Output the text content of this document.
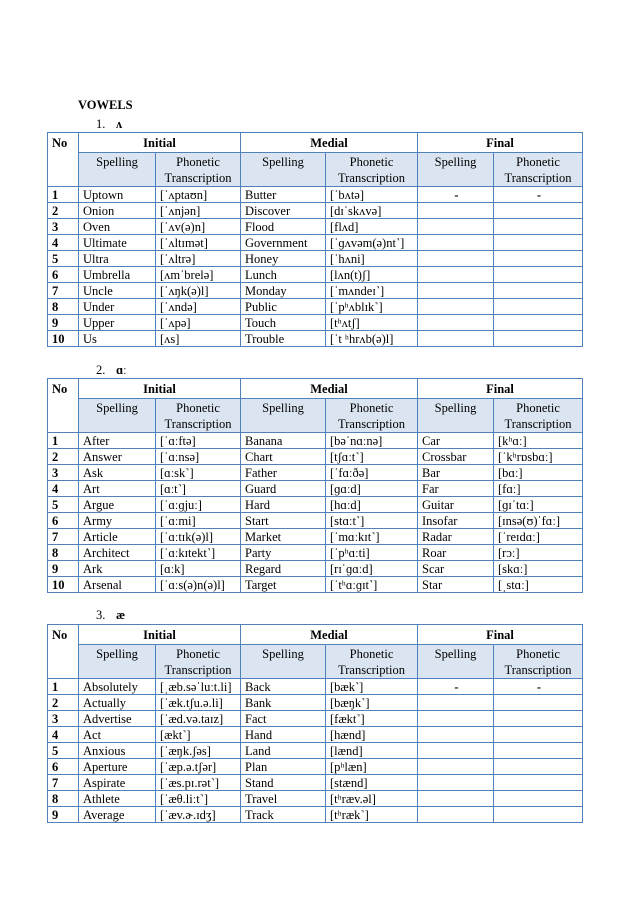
VOWELS
1. ʌ
No	Initial		Medial		Final	
	Spelling	Phonetic Transcription	Spelling	Phonetic Transcription	Spelling	Phonetic Transcription
1	Uptown	[ˈʌptaʊn]	Butter	[ˈbʌtə]	-	-
2	Onion	[ˈʌnjən]	Discover	[dɪˈskʌvə]		
3	Oven	[ˈʌv(ə)n]	Flood	[flʌd]		
4	Ultimate	[ˈʌltɪmət]	Government	[ˈɡʌvəm(ə)nt˺]		
5	Ultra	[ˈʌltrə]	Honey	[ˈhʌni]		
6	Umbrella	[ʌmˈbrelə]	Lunch	[lʌn(t)ʃ]		
7	Uncle	[ˈʌŋk(ə)l]	Monday	[ˈmʌndeɪ˺]		
8	Under	[ˈʌndə]	Public	[ˈpʰʌblɪk˺]		
9	Upper	[ˈʌpə]	Touch	[tʰʌtʃ]		
10	Us	[ʌs]	Trouble	[ˈt ʰhrʌb(ə)l]		
2. ɑː
No	Initial		Medial		Final	
	Spelling	Phonetic Transcription	Spelling	Phonetic Transcription	Spelling	Phonetic Transcription
1	After	[ˈɑːftə]	Banana	[bəˈnɑːnə]	Car	[kʰɑː]
2	Answer	[ˈɑːnsə]	Chart	[tʃɑːt˺]	Crossbar	[ˈkʰrɒsbɑː]
3	Ask	[ɑːsk˺]	Father	[ˈfɑːðə]	Bar	[bɑː]
4	Art	[ɑːt˺]	Guard	[ɡɑːd]	Far	[fɑː]
5	Argue	[ˈɑːɡjuː]	Hard	[hɑːd]	Guitar	[ɡɪˈtɑː]
6	Army	[ˈɑːmi]	Start	[stɑːt˺]	Insofar	[ɪnsə(ʊ)ˈfɑː]
7	Article	[ˈɑːtɪk(ə)l]	Market	[ˈmɑːkɪt˺]	Radar	[ˈreɪdɑː]
8	Architect	[ˈɑːkɪtekt˺]	Party	[ˈpʰɑːti]	Roar	[rɔː]
9	Ark	[ɑːk]	Regard	[rɪˈɡɑːd]	Scar	[skɑː]
10	Arsenal	[ˈɑːs(ə)n(ə)l]	Target	[ˈtʰɑːɡɪt˺]	Star	[ˌstɑː]
3. æ
No	Initial		Medial		Final	
	Spelling	Phonetic Transcription	Spelling	Phonetic Transcription	Spelling	Phonetic Transcription
1	Absolutely	[ˌæb.səˈluːt.li]	Back	[bæk˺]	-	-
2	Actually	[ˈæk.tʃu.ə.li]	Bank	[bæŋk˺]		
3	Advertise	[ˈæd.və.taɪz]	Fact	[fækt˺]		
4	Act	[ækt˺]	Hand	[hænd]		
5	Anxious	[ˈæŋk.ʃəs]	Land	[lænd]		
6	Aperture	[ˈæp.ə.tʃər]	Plan	[pʰlæn]		
7	Aspirate	[ˈæs.pɪ.rət˺]	Stand	[stænd]		
8	Athlete	[ˈæθ.liːt˺]	Travel	[tʰræv.əl]		
9	Average	[ˈæv.ɚ.ɪdʒ]	Track	[tʰræk˺]		
